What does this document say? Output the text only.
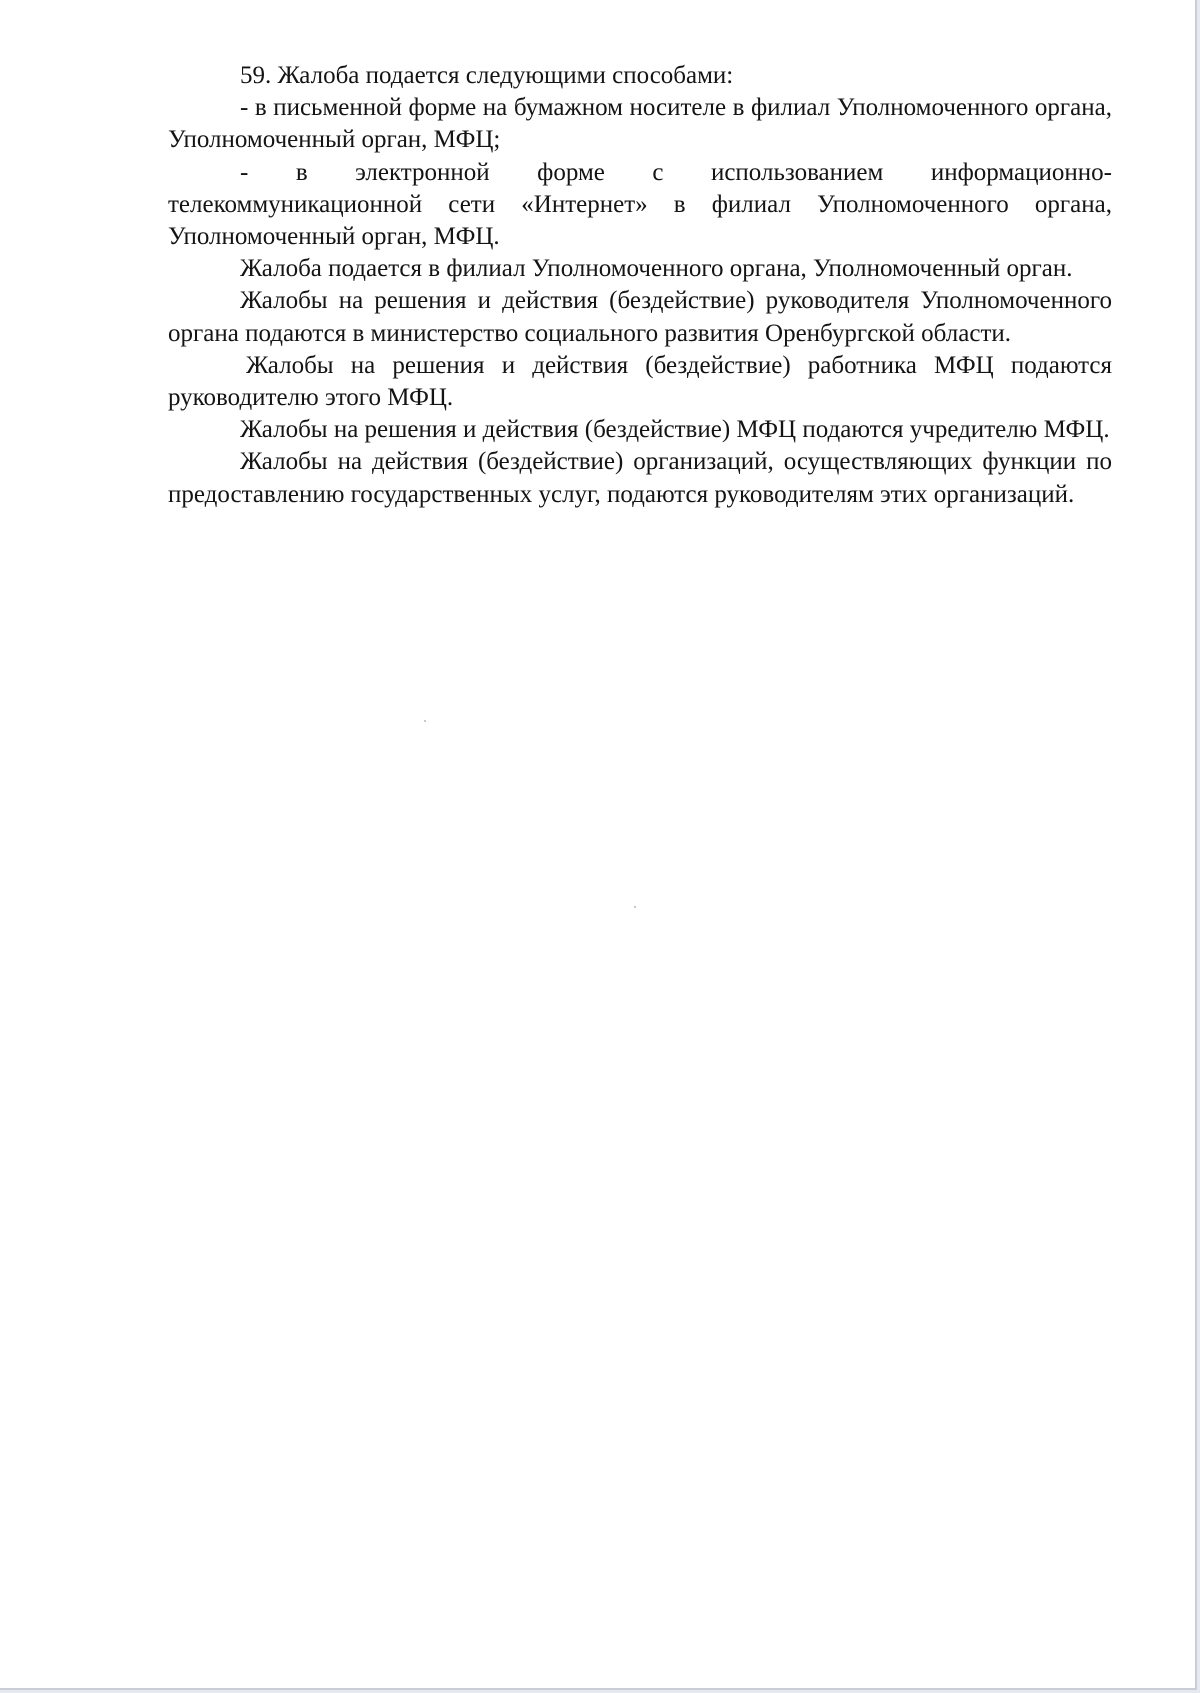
59. Жалоба подается следующими способами:

- в письменной форме на бумажном носителе в филиал Уполномоченного органа, Уполномоченный орган, МФЦ;

- в электронной форме с использованием информационно-телекоммуникационной сети «Интернет» в филиал Уполномоченного органа, Уполномоченный орган, МФЦ.

Жалоба подается в филиал Уполномоченного органа, Уполномоченный орган.

Жалобы на решения и действия (бездействие) руководителя Уполномоченного органа подаются в министерство социального развития Оренбургской области.

Жалобы на решения и действия (бездействие) работника МФЦ подаются руководителю этого МФЦ.

Жалобы на решения и действия (бездействие) МФЦ подаются учредителю МФЦ.

Жалобы на действия (бездействие) организаций, осуществляющих функции по предоставлению государственных услуг, подаются руководителям этих организаций.
